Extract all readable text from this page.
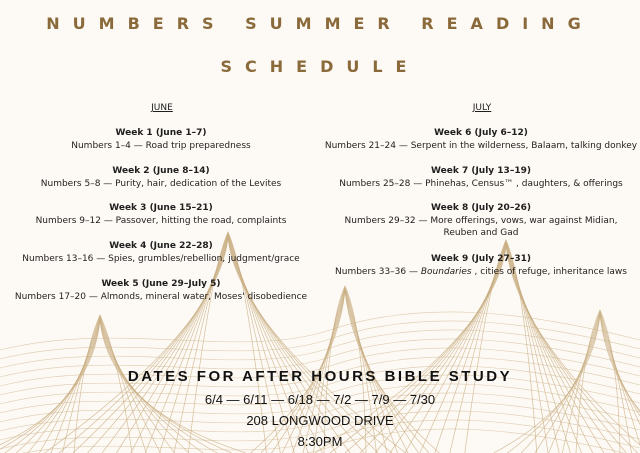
NUMBERS SUMMER READING
SCHEDULE
JUNE	JULY
Week 1 (June 1–7)
Numbers 1–4 — Road trip preparedness
Week 2 (June 8–14)
Numbers 5–8 — Purity, hair, dedication of the Levites
Week 3 (June 15–21)
Numbers 9–12 — Passover, hitting the road, complaints
Week 4 (June 22–28)
Numbers 13–16 — Spies, grumbles/rebellion, judgment/grace
Week 5 (June 29–July 5)
Numbers 17–20 — Almonds, mineral water, Moses' disobedience
Week 6 (July 6–12)
Numbers 21–24 — Serpent in the wilderness, Balaam, talking donkey
Week 7 (July 13–19)
Numbers 25–28 — Phinehas, Census™ , daughters, & offerings
Week 8 (July 20–26)
Numbers 29–32 — More offerings, vows, war against Midian,
Reuben and Gad
Week 9 (July 27–31)
Numbers 33–36 — Boundaries , cities of refuge, inheritance laws
DATES FOR AFTER HOURS BIBLE STUDY
6/4 — 6/11 — 6/18 — 7/2 — 7/9 — 7/30
208 LONGWOOD DRIVE
8:30PM
